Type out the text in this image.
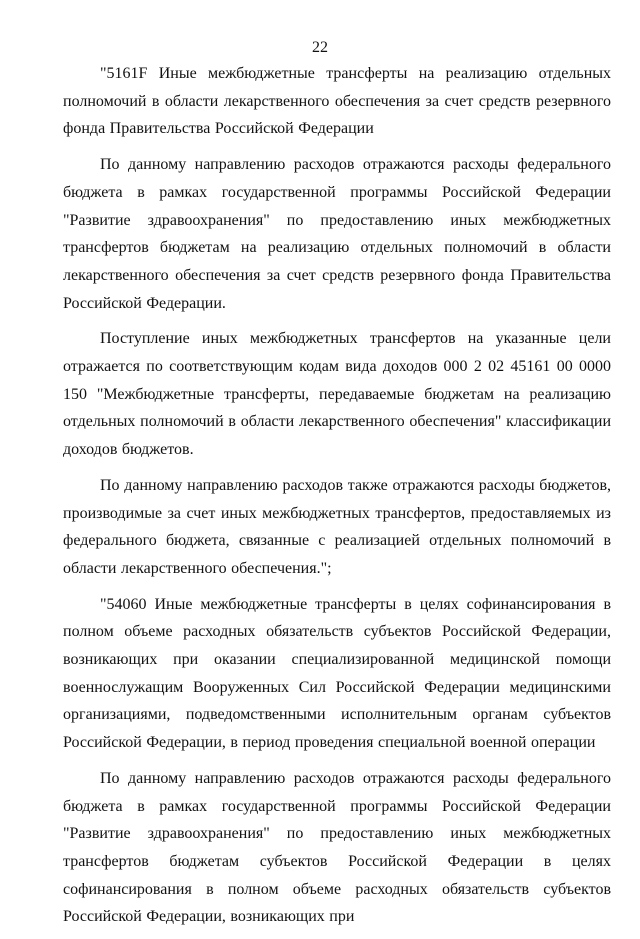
22

"5161F Иные межбюджетные трансферты на реализацию отдельных полномочий в области лекарственного обеспечения за счет средств резервного фонда Правительства Российской Федерации

По данному направлению расходов отражаются расходы федерального бюджета в рамках государственной программы Российской Федерации "Развитие здравоохранения" по предоставлению иных межбюджетных трансфертов бюджетам на реализацию отдельных полномочий в области лекарственного обеспечения за счет средств резервного фонда Правительства Российской Федерации.

Поступление иных межбюджетных трансфертов на указанные цели отражается по соответствующим кодам вида доходов 000 2 02 45161 00 0000 150 "Межбюджетные трансферты, передаваемые бюджетам на реализацию отдельных полномочий в области лекарственного обеспечения" классификации доходов бюджетов.

По данному направлению расходов также отражаются расходы бюджетов, производимые за счет иных межбюджетных трансфертов, предоставляемых из федерального бюджета, связанные с реализацией отдельных полномочий в области лекарственного обеспечения.";

"54060 Иные межбюджетные трансферты в целях софинансирования в полном объеме расходных обязательств субъектов Российской Федерации, возникающих при оказании специализированной медицинской помощи военнослужащим Вооруженных Сил Российской Федерации медицинскими организациями, подведомственными исполнительным органам субъектов Российской Федерации, в период проведения специальной военной операции

По данному направлению расходов отражаются расходы федерального бюджета в рамках государственной программы Российской Федерации "Развитие здравоохранения" по предоставлению иных межбюджетных трансфертов бюджетам субъектов Российской Федерации в целях софинансирования в полном объеме расходных обязательств субъектов Российской Федерации, возникающих при
